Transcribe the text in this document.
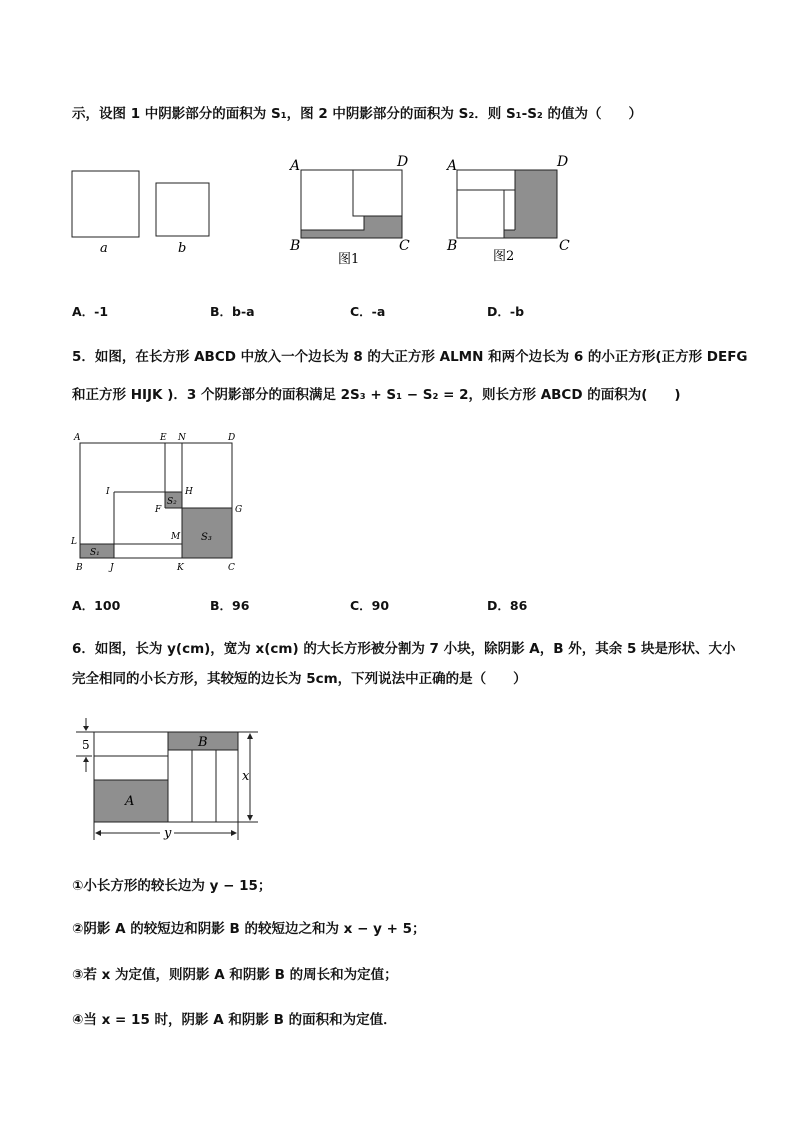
示，设图 1 中阴影部分的面积为 S₁，图 2 中阴影部分的面积为 S₂．则 S₁-S₂ 的值为（　　）
a	b
A	D
B	C
图1
A	D
B	C
图2
A．-1	B．b-a	C．-a	D．-b
5．如图，在长方形 ABCD 中放入一个边长为 8 的大正方形 ALMN 和两个边长为 6 的小正方形(正方形 DEFG
和正方形 HIJK )．3 个阴影部分的面积满足 2S₃ + S₁ − S₂ = 2，则长方形 ABCD 的面积为(　　)
A	E N	D
I	H
S₂
F	G
L	M S₃
S₁
B	J	K	C
A．100	B．96	C．90	D．86
6．如图，长为 y(cm)，宽为 x(cm) 的大长方形被分割为 7 小块，除阴影 A，B 外，其余 5 块是形状、大小
完全相同的小长方形，其较短的边长为 5cm，下列说法中正确的是（　　）
5
A
B
x
y
①小长方形的较长边为 y − 15；
②阴影 A 的较短边和阴影 B 的较短边之和为 x − y + 5；
③若 x 为定值，则阴影 A 和阴影 B 的周长和为定值；
④当 x = 15 时，阴影 A 和阴影 B 的面积和为定值．
